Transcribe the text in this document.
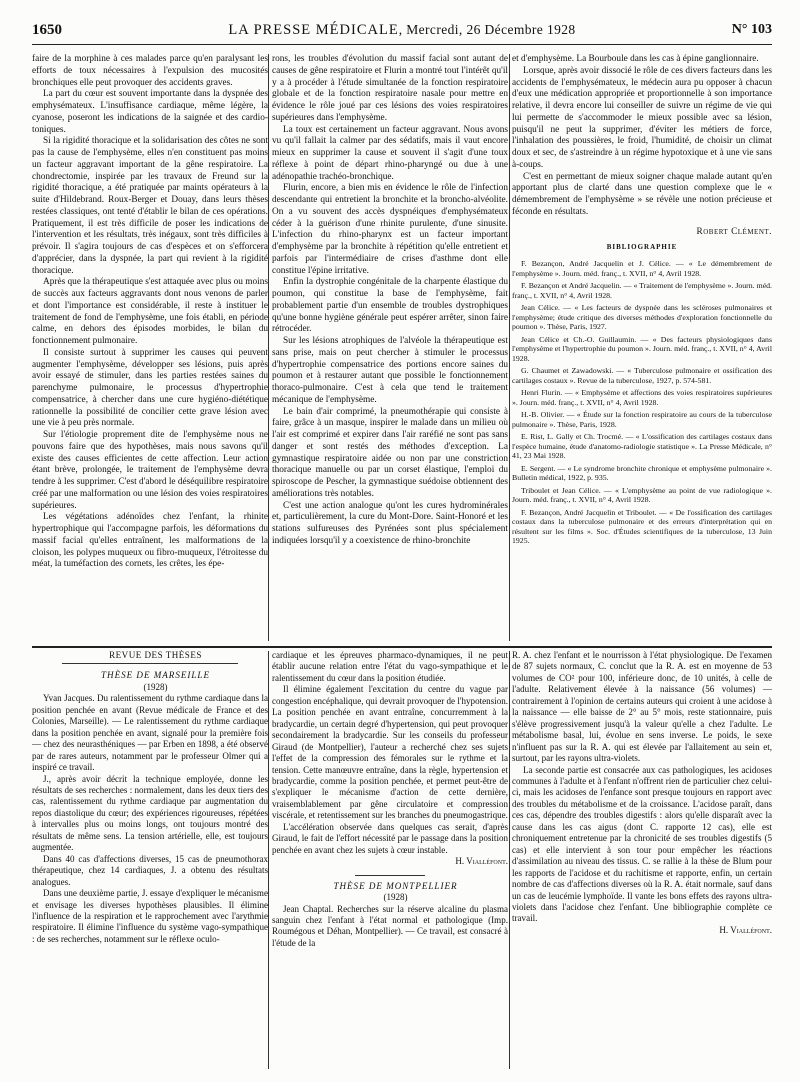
1650	LA PRESSE MÉDICALE, Mercredi, 26 Décembre 1928	N° 103

faire de la morphine à ces malades parce qu'en paralysant les efforts de toux nécessaires à l'expulsion des mucosités bronchiques elle peut provoquer des accidents graves.

La part du cœur est souvent importante dans la dyspnée des emphysémateux. L'insuffisance cardiaque, même légère, la cyanose, poseront les indications de la saignée et des cardio-toniques.

Si la rigidité thoracique et la solidarisation des côtes ne sont pas la cause de l'emphysème, elles n'en constituent pas moins un facteur aggravant important de la gêne respiratoire. La chondrectomie, inspirée par les travaux de Freund sur la rigidité thoracique, a été pratiquée par maints opérateurs à la suite d'Hildebrand. Roux-Berger et Douay, dans leurs thèses restées classiques, ont tenté d'établir le bilan de ces opérations. Pratiquement, il est très difficile de poser les indications de l'intervention et les résultats, très inégaux, sont très difficiles à prévoir. Il s'agira toujours de cas d'espèces et on s'efforcera d'apprécier, dans la dyspnée, la part qui revient à la rigidité thoracique.

Après que la thérapeutique s'est attaquée avec plus ou moins de succès aux facteurs aggravants dont nous venons de parler et dont l'importance est considérable, il reste à instituer le traitement de fond de l'emphysème, une fois établi, en période calme, en dehors des épisodes morbides, le bilan du fonctionnement pulmonaire.

Il consiste surtout à supprimer les causes qui peuvent augmenter l'emphysème, développer ses lésions, puis après avoir essayé de stimuler, dans les parties restées saines du parenchyme pulmonaire, le processus d'hypertrophie compensatrice, à chercher dans une cure hygiéno-diététique rationnelle la possibilité de concilier cette grave lésion avec une vie à peu près normale.

Sur l'étiologie proprement dite de l'emphysème nous ne pouvons faire que des hypothèses, mais nous savons qu'il existe des causes efficientes de cette affection. Leur action étant brève, prolongée, le traitement de l'emphysème devra tendre à les supprimer. C'est d'abord le déséquilibre respiratoire créé par une malformation ou une lésion des voies respiratoires supérieures.

Les végétations adénoïdes chez l'enfant, la rhinite hypertrophique qui l'accompagne parfois, les déformations du massif facial qu'elles entraînent, les malformations de la cloison, les polypes muqueux ou fibro-muqueux, l'étroitesse du méat, la tuméfaction des cornets, les crêtes, les épe-

rons, les troubles d'évolution du massif facial sont autant de causes de gêne respiratoire et Flurin a montré tout l'intérêt qu'il y a à procéder à l'étude simultanée de la fonction respiratoire globale et de la fonction respiratoire nasale pour mettre en évidence le rôle joué par ces lésions des voies respiratoires supérieures dans l'emphysème.

La toux est certainement un facteur aggravant. Nous avons vu qu'il fallait la calmer par des sédatifs, mais il vaut encore mieux en supprimer la cause et souvent il s'agit d'une toux réflexe à point de départ rhino-pharyngé ou due à une adénopathie trachéo-bronchique.

Flurin, encore, a bien mis en évidence le rôle de l'infection descendante qui entretient la bronchite et la broncho-alvéolite. On a vu souvent des accès dyspnéiques d'emphysémateux céder à la guérison d'une rhinite purulente, d'une sinusite. L'infection du rhino-pharynx est un facteur important d'emphysème par la bronchite à répétition qu'elle entretient et parfois par l'intermédiaire de crises d'asthme dont elle constitue l'épine irritative.

Enfin la dystrophie congénitale de la charpente élastique du poumon, qui constitue la base de l'emphysème, fait probablement partie d'un ensemble de troubles dystrophiques qu'une bonne hygiène générale peut espérer arrêter, sinon faire rétrocéder.

Sur les lésions atrophiques de l'alvéole la thérapeutique est sans prise, mais on peut chercher à stimuler le processus d'hypertrophie compensatrice des portions encore saines du poumon et à restaurer autant que possible le fonctionnement thoraco-pulmonaire. C'est à cela que tend le traitement mécanique de l'emphysème.

Le bain d'air comprimé, la pneumothérapie qui consiste à faire, grâce à un masque, inspirer le malade dans un milieu où l'air est comprimé et expirer dans l'air raréfié ne sont pas sans danger et sont restés des méthodes d'exception. La gymnastique respiratoire aidée ou non par une constriction thoracique manuelle ou par un corset élastique, l'emploi du spiroscope de Pescher, la gymnastique suédoise obtiennent des améliorations très notables.

C'est une action analogue qu'ont les cures hydrominérales et, particulièrement, la cure du Mont-Dore. Saint-Honoré et les stations sulfureuses des Pyrénées sont plus spécialement indiquées lorsqu'il y a coexistence de rhino-bronchite

et d'emphysème. La Bourboule dans les cas à épine ganglionnaire.

Lorsque, après avoir dissocié le rôle de ces divers facteurs dans les accidents de l'emphysémateux, le médecin aura pu opposer à chacun d'eux une médication appropriée et proportionnelle à son importance relative, il devra encore lui conseiller de suivre un régime de vie qui lui permette de s'accommoder le mieux possible avec sa lésion, puisqu'il ne peut la supprimer, d'éviter les métiers de force, l'inhalation des poussières, le froid, l'humidité, de choisir un climat doux et sec, de s'astreindre à un régime hypotoxique et à une vie sans à-coups.

C'est en permettant de mieux soigner chaque malade autant qu'en apportant plus de clarté dans une question complexe que le « démembrement de l'emphysème » se révèle une notion précieuse et féconde en résultats.

Robert Clément.

BIBLIOGRAPHIE

F. Bezançon, André Jacquelin et J. Célice. — « Le démembrement de l'emphysème ». Journ. méd. franç., t. XVII, n° 4, Avril 1928.

F. Bezançon et André Jacquelin. — « Traitement de l'emphysème ». Journ. méd. franç., t. XVII, n° 4, Avril 1928.

Jean Célice. — « Les facteurs de dyspnée dans les scléroses pulmonaires et l'emphysème; étude critique des diverses méthodes d'exploration fonctionnelle du poumon ». Thèse, Paris, 1927.

Jean Célice et Ch.-O. Guillaumin. — « Des facteurs physiologiques dans l'emphysème et l'hypertrophie du poumon ». Journ. méd. franç., t. XVII, n° 4, Avril 1928.

G. Chaumet et Zawadowski. — « Tuberculose pulmonaire et ossification des cartilages costaux ». Revue de la tuberculose, 1927, p. 574-581.

Henri Flurin. — « Emphysème et affections des voies respiratoires supérieures ». Journ. méd. franç., t. XVII, n° 4, Avril 1928.

H.-B. Olivier. — « Étude sur la fonction respiratoire au cours de la tuberculose pulmonaire ». Thèse, Paris, 1928.

E. Rist, L. Gally et Ch. Trocmé. — « L'ossification des cartilages costaux dans l'espèce humaine, étude d'anatomo-radiologie statistique ». La Presse Médicale, n° 41, 23 Mai 1928.

E. Sergent. — « Le syndrome bronchite chronique et emphysème pulmonaire ». Bulletin médical, 1922, p. 935.

Triboulet et Jean Célice. — « L'emphysème au point de vue radiologique ». Journ. méd. franç., t. XVII, n° 4, Avril 1928.

F. Bezançon, André Jacquelin et Triboulet. — « De l'ossification des cartilages costaux dans la tuberculose pulmonaire et des erreurs d'interprétation qui en résultent sur les films ». Soc. d'Études scientifiques de la tuberculose, 13 Juin 1925.

REVUE DES THÈSES

THÈSE DE MARSEILLE

(1928)

Yvan Jacques. Du ralentissement du rythme cardiaque dans la position penchée en avant (Revue médicale de France et des Colonies, Marseille). — Le ralentissement du rythme cardiaque dans la position penchée en avant, signalé pour la première fois — chez des neurasthéniques — par Erben en 1898, a été observé par de rares auteurs, notamment par le professeur Olmer qui a inspiré ce travail.

J., après avoir décrit la technique employée, donne les résultats de ses recherches : normalement, dans les deux tiers des cas, ralentissement du rythme cardiaque par augmentation du repos diastolique du cœur; des expériences rigoureuses, répétées à intervalles plus ou moins longs, ont toujours montré des résultats de même sens. La tension artérielle, elle, est toujours augmentée.

Dans 40 cas d'affections diverses, 15 cas de pneumothorax thérapeutique, chez 14 cardiaques, J. a obtenu des résultats analogues.

Dans une deuxième partie, J. essaye d'expliquer le mécanisme et envisage les diverses hypothèses plausibles. Il élimine l'influence de la respiration et le rapprochement avec l'arythmie respiratoire. Il élimine l'influence du système vago-sympathique : de ses recherches, notamment sur le réflexe oculo-

cardiaque et les épreuves pharmaco-dynamiques, il ne peut établir aucune relation entre l'état du vago-sympathique et le ralentissement du cœur dans la position étudiée.

Il élimine également l'excitation du centre du vague par congestion encéphalique, qui devrait provoquer de l'hypotension. La position penchée en avant entraîne, concurremment à la bradycardie, un certain degré d'hypertension, qui peut provoquer secondairement la bradycardie. Sur les conseils du professeur Giraud (de Montpellier), l'auteur a recherché chez ses sujets l'effet de la compression des fémorales sur le rythme et la tension. Cette manœuvre entraîne, dans la règle, hypertension et bradycardie, comme la position penchée, et permet peut-être de s'expliquer le mécanisme d'action de cette dernière, vraisemblablement par gêne circulatoire et compression viscérale, et retentissement sur les branches du pneumogastrique.

L'accélération observée dans quelques cas serait, d'après Giraud, le fait de l'effort nécessité par le passage dans la position penchée en avant chez les sujets à cœur instable.

H. Vialléfont.

THÈSE DE MONTPELLIER

(1928)

Jean Chaptal. Recherches sur la réserve alcaline du plasma sanguin chez l'enfant à l'état normal et pathologique (Imp. Roumégous et Déhan, Montpellier). — Ce travail, est consacré à l'étude de la

R. A. chez l'enfant et le nourrisson à l'état physiologique. De l'examen de 87 sujets normaux, C. conclut que la R. A. est en moyenne de 53 volumes de CO² pour 100, inférieure donc, de 10 unités, à celle de l'adulte. Relativement élevée à la naissance (56 volumes) — contrairement à l'opinion de certains auteurs qui croient à une acidose à la naissance — elle baisse de 2° au 5° mois, reste stationnaire, puis s'élève progressivement jusqu'à la valeur qu'elle a chez l'adulte. Le métabolisme basal, lui, évolue en sens inverse. Le poids, le sexe n'influent pas sur la R. A. qui est élevée par l'allaitement au sein et, surtout, par les rayons ultra-violets.

La seconde partie est consacrée aux cas pathologiques, les acidoses communes à l'adulte et à l'enfant n'offrent rien de particulier chez celui-ci, mais les acidoses de l'enfance sont presque toujours en rapport avec des troubles du métabolisme et de la croissance. L'acidose paraît, dans ces cas, dépendre des troubles digestifs : alors qu'elle disparaît avec la cause dans les cas aigus (dont C. rapporte 12 cas), elle est chroniquement entretenue par la chronicité de ses troubles digestifs (5 cas) et elle intervient à son tour pour empêcher les réactions d'assimilation au niveau des tissus. C. se rallie à la thèse de Blum pour les rapports de l'acidose et du rachitisme et rapporte, enfin, un certain nombre de cas d'affections diverses où la R. A. était normale, sauf dans un cas de leucémie lymphoïde. Il vante les bons effets des rayons ultra-violets dans l'acidose chez l'enfant. Une bibliographie complète ce travail.

H. Vialléfont.
